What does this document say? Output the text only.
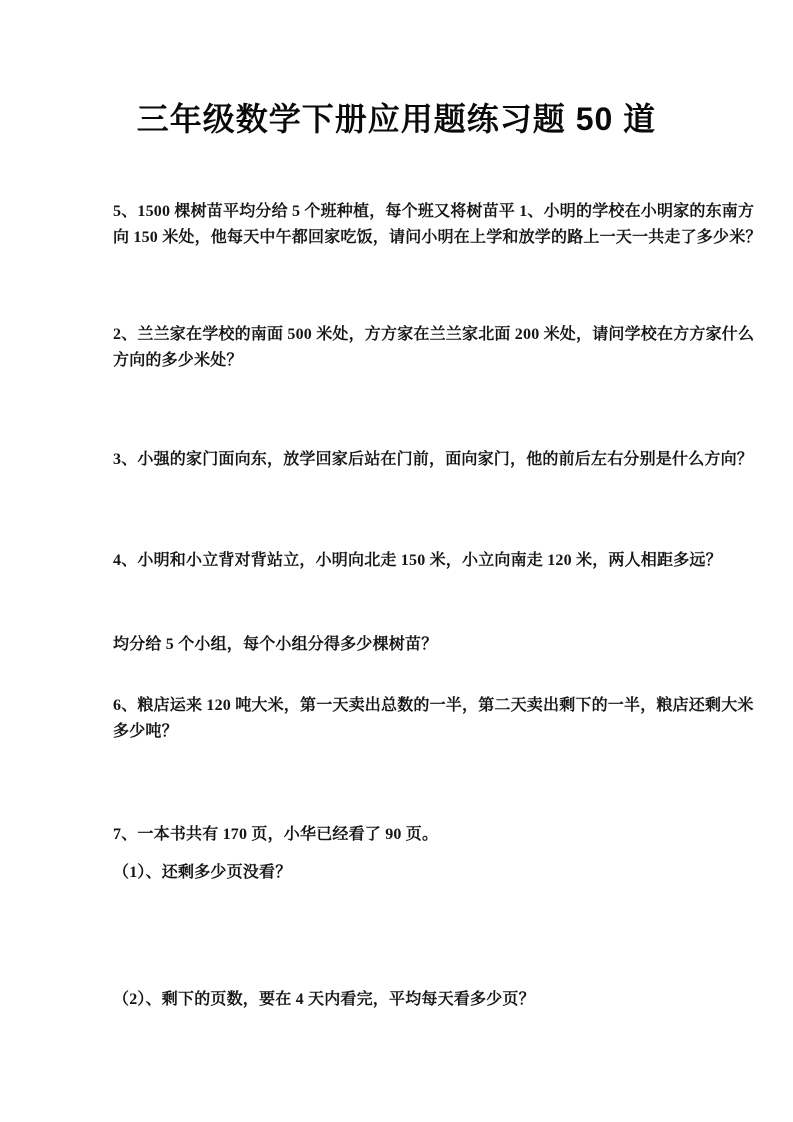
三年级数学下册应用题练习题 50 道
5、1500 棵树苗平均分给 5 个班种植，每个班又将树苗平 1、小明的学校在小明家的东南方
向 150 米处，他每天中午都回家吃饭，请问小明在上学和放学的路上一天一共走了多少米？
2、兰兰家在学校的南面 500 米处，方方家在兰兰家北面 200 米处，请问学校在方方家什么
方向的多少米处？
3、小强的家门面向东，放学回家后站在门前，面向家门，他的前后左右分别是什么方向？
4、小明和小立背对背站立，小明向北走 150 米，小立向南走 120 米，两人相距多远？
均分给 5 个小组，每个小组分得多少棵树苗？
6、粮店运来 120 吨大米，第一天卖出总数的一半，第二天卖出剩下的一半，粮店还剩大米
多少吨？
7、一本书共有 170 页，小华已经看了 90 页。
（1）、还剩多少页没看？
（2）、剩下的页数，要在 4 天内看完，平均每天看多少页？
